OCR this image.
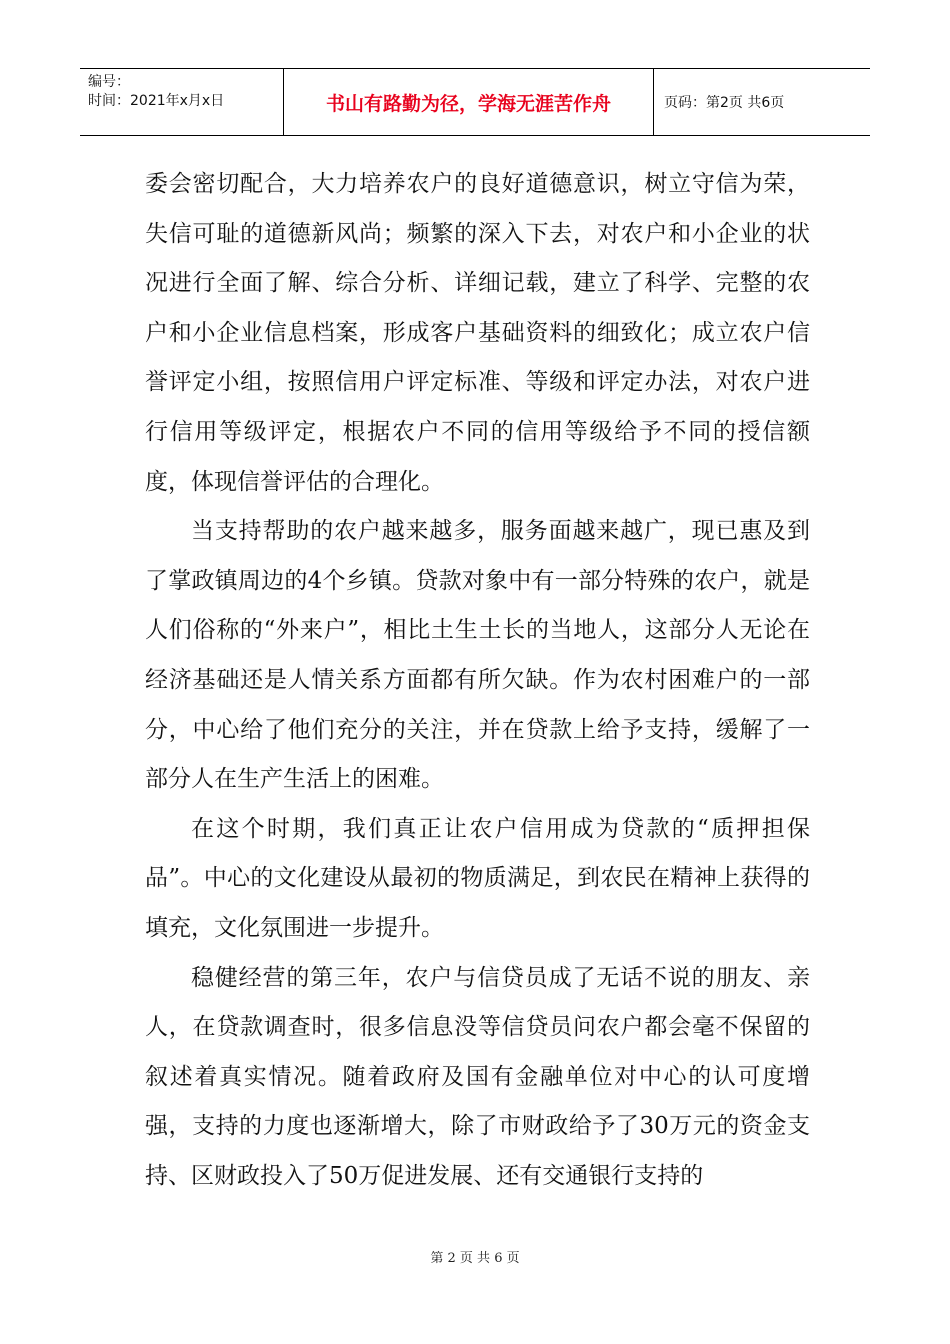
编号：
时间：2021年x月x日	书山有路勤为径，学海无涯苦作舟	页码：第2页 共6页

委会密切配合，大力培养农户的良好道德意识，树立守信为荣，失信可耻的道德新风尚；频繁的深入下去，对农户和小企业的状况进行全面了解、综合分析、详细记载，建立了科学、完整的农户和小企业信息档案，形成客户基础资料的细致化；成立农户信誉评定小组，按照信用户评定标准、等级和评定办法，对农户进行信用等级评定，根据农户不同的信用等级给予不同的授信额度，体现信誉评估的合理化。

当支持帮助的农户越来越多，服务面越来越广，现已惠及到了掌政镇周边的4个乡镇。贷款对象中有一部分特殊的农户，就是人们俗称的“外来户”，相比土生土长的当地人，这部分人无论在经济基础还是人情关系方面都有所欠缺。作为农村困难户的一部分，中心给了他们充分的关注，并在贷款上给予支持，缓解了一部分人在生产生活上的困难。

在这个时期，我们真正让农户信用成为贷款的“质押担保品”。中心的文化建设从最初的物质满足，到农民在精神上获得的填充，文化氛围进一步提升。

稳健经营的第三年，农户与信贷员成了无话不说的朋友、亲人，在贷款调查时，很多信息没等信贷员问农户都会毫不保留的叙述着真实情况。随着政府及国有金融单位对中心的认可度增强，支持的力度也逐渐增大，除了市财政给予了30万元的资金支持、区财政投入了50万促进发展、还有交通银行支持的

第 2 页 共 6 页
